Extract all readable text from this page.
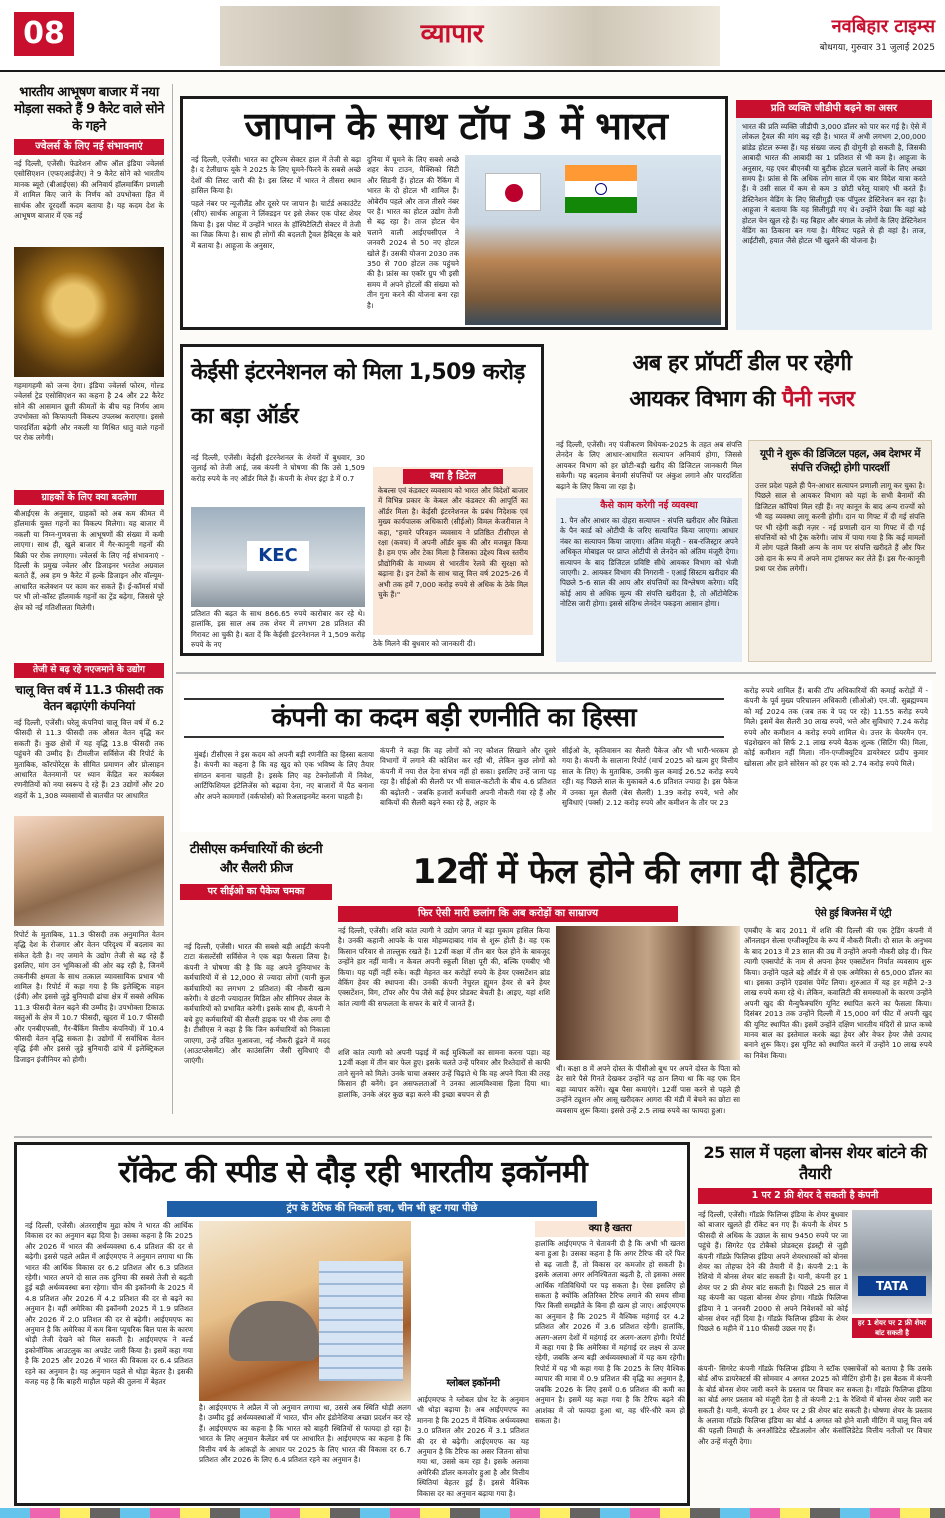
08	व्यापार	नवबिहार टाइम्स
बोधगया, गुरुवार 31 जुलाई 2025
भारतीय आभूषण बाजार में नया मोड़ला सकते हैं 9 कैरेट वाले सोने के गहने
ज्वेलर्स के लिए नई संभावनाएं
नई दिल्ली, एजेंसी। फेडरेशन ऑफ ऑल इंडिया ज्वेलर्स एसोसिएशन (एफएआईजेए) ने 9 कैरेट सोने को भारतीय मानक ब्यूरो (बीआईएस) की अनिवार्य हॉलमार्किंग प्रणाली में शामिल किए जाने के निर्णय को उपभोक्ता हित में सार्थक और दूरदर्शी कदम बताया है। यह कदम देश के आभूषण बाजार में एक नई
गहमागहमी को जन्म देगा। इंडिया ज्वेलर्स फोरम, गोल्ड ज्वेलर्स ट्रेड एसोसिएशन का कहना है 24 और 22 कैरेट सोने की आसमान छूती कीमतों के बीच यह निर्णय आम उपभोक्ता को किफायती विकल्प उपलब्ध कराएगा। इससे पारदर्शिता बढ़ेगी और नकली या मिश्रित धातु वाले गहनों पर रोक लगेगी।
ग्राहकों के लिए क्या बदलेगा
बीआईएस के अनुसार, ग्राहकों को अब कम कीमत में हॉलमार्क युक्त गहनों का विकल्प मिलेगा। यह बाजार में नकली या निम्न-गुणवत्ता के आभूषणों की संख्या में कमी लाएगा। साथ ही, खुले बाजार में गैर-कानूनी गहनों की बिक्री पर रोक लगाएगा। ज्वेलर्स के लिए नई संभावनाएं - दिल्ली के प्रमुख ज्वेलर और डिजाइनर भरतेश अग्रवाल बताते हैं, अब हम 9 कैरेट में हल्के डिजाइन और वॉल्यूम-आधारित कलेक्शन पर काम कर सकते हैं। ई-कॉमर्स मंचों पर भी लो-कॉस्ट हॉलमार्क गहनों का ट्रेंड बढ़ेगा, जिससे पूरे क्षेत्र को नई गतिशीलता मिलेगी।
तेजी से बढ़ रहे नएजमाने के उद्योग
चालू वित्त वर्ष में 11.3 फीसदी तक वेतन बढ़ाएंगी कंपनियां
नई दिल्ली, एजेंसी। घरेलू कंपनियां चालू वित्त वर्ष में 6.2 फीसदी से 11.3 फीसदी तक औसत वेतन वृद्धि कर सकती हैं। कुछ क्षेत्रों में यह वृद्धि 13.8 फीसदी तक पहुंचने की उम्मीद है। टीमलीज सर्विसेज की रिपोर्ट के मुताबिक, कॉरपोरेट्स के सीमित प्रमाणन और प्रोत्साहन आधारित वेतनमानों पर ध्यान केंद्रित कर कार्यबल रणनीतियों को नया स्वरूप दे रहे हैं। 23 उद्योगों और 20 शहरों के 1,308 व्यवसायों से बातचीत पर आधारित
रिपोर्ट के मुताबिक, 11.3 फीसदी तक अनुमानित वेतन वृद्धि देश के रोजगार और वेतन परिदृश्य में बदलाव का संकेत देती है। नए जमाने के उद्योग तेजी से बढ़ रहे हैं इसलिए, मांग उन भूमिकाओं की ओर बढ़ रही है, जिनमें तकनीकी क्षमता के साथ तत्काल व्यावसायिक प्रभाव भी शामिल है। रिपोर्ट में कहा गया है कि इलेक्ट्रिक वाहन (ईवी) और इससे जुड़े बुनियादी ढांचा क्षेत्र में सबसे अधिक 11.3 फीसदी वेतन बढ़ने की उम्मीद है। उपभोक्ता टिकाऊ वस्तुओं के क्षेत्र में 10.7 फीसदी, खुदरा में 10.7 फीसदी और एनबीएफसी, गैर-बैंकिंग वित्तीय कंपनियों) में 10.4 फीसदी वेतन वृद्धि सकता है। उद्योगों में सर्वाधिक वेतन वृद्धि ईवी और इससे जुड़े बुनियादी ढांचे में इलेक्ट्रिकल डिजाइन इंजीनियर को होगी।
जापान के साथ टॉप 3 में भारत
नई दिल्ली, एजेंसी। भारत का टूरिज्म सेक्टर हाल में तेजी से बढ़ा है। द टेलीग्राफ यूके ने 2025 के लिए घूमने-फिरने के सबसे अच्छे देशों की लिस्ट जारी की है। इस लिस्ट में भारत ने तीसरा स्थान हासिल किया है।
पहले नंबर पर न्यूजीलैंड और दूसरे पर जापान है। चार्टर्ड अकाउंटेंट (सीए) सार्थक आहूजा ने लिंक्डइन पर इसे लेकर एक पोस्ट शेयर किया है। इस पोस्ट में उन्होंने भारत के हॉस्पिटैलिटी सेक्टर में तेजी का जिक्र किया है। साथ ही लोगों की बदलती ट्रैवल हैबिट्स के बारे में बताया है। आहूजा के अनुसार,
दुनिया में घूमने के लिए सबसे अच्छे शहर केप टाउन, मैक्सिको सिटी और सिडनी हैं। होटल की रैंकिंग में भारत के दो होटल भी शामिल हैं। ओबेरॉय पहले और ताज तीसरे नंबर पर है। भारत का होटल उद्योग तेजी से बढ़ रहा है। ताज होटल चेन चलाने वाली आईएचसीएल ने जनवरी 2024 से 50 नए होटल खोले हैं। उसकी योजना 2030 तक 350 से 700 होटल तक पहुंचने की है। फ्रांस का एकॉर ग्रुप भी इसी समय में अपने होटलों की संख्या को तीन गुना करने की योजना बना रहा है।
प्रति व्यक्ति जीडीपी बढ़ने का असर
भारत की प्रति व्यक्ति जीडीपी 3,000 डॉलर को पार कर गई है। ऐसे में लोकल ट्रैवल की मांग बढ़ रही है। भारत में अभी लगभग 2,00,000 ब्रांडेड होटल रूम्स हैं। यह संख्या जल्द ही दोगुनी हो सकती है, जिसकी आबादी भारत की आबादी का 1 प्रतिशत से भी कम है। आहूजा के अनुसार, यह एयर बीएनबी या बुटीक होटल चलाने वालों के लिए अच्छा समय है। फ्रांस से कि अधिक लोग साल में एक बार विदेश यात्रा करते हैं। वे उसी साल में कम से कम 3 छोटी घरेलू यात्राएं भी करते हैं। डेस्टिनेशन वेडिंग के लिए सिलीगुड़ी एक पॉपुलर डेस्टिनेशन बन रहा है। आहूजा ने बताया कि यह सिलीगुड़ी गए थे। उन्होंने देखा कि वहां बड़े होटल चेन खुल रहे हैं। यह बिहार और बंगाल के लोगों के लिए डेस्टिनेशन वेडिंग का ठिकाना बन गया है। मैरियट पहले से ही वहां है। ताज, आईटीसी, हयात जैसे होटल भी खुलने की योजना है।
केईसी इंटरनेशनल को मिला 1,509 करोड़ का बड़ा ऑर्डर
नई दिल्ली, एजेंसी। केईसी इंटरनेशनल के शेयरों में बुधवार, 30 जुलाई को तेजी आई, जब कंपनी ने घोषणा की कि उसे 1,509 करोड़ रुपये के नए ऑर्डर मिले हैं। कंपनी के शेयर इंट्रा डे में 0.7
KEC
प्रतिशत की बढ़त के साथ 866.65 रुपये कारोबार कर रहे थे। हालांकि, इस साल अब तक शेयर में लगभग 28 प्रतिशत की गिरावट आ चुकी है। बता दें कि केईसी इंटरनेशनल ने 1,509 करोड़ रुपये के नए
क्या है डिटेल
केबल्स एवं कंडक्टर व्यवसाय को भारत और विदेशों बाजार में विभिन्न प्रकार के केबल और कंडक्टर की आपूर्ति का ऑर्डर मिला है। केईसी इंटरनेशनल के प्रबंध निदेशक एवं मुख्य कार्यपालक अधिकारी (सीईओ) विमल केजरीवाल ने कहा, "हमारे परिवहन व्यवसाय ने प्रतिष्ठित टीसीएल से रक्षा (कवच) में अपनी ऑर्डर बुक की और मजबूत किया है। हम एफ और टेका मिला है जिसका उद्देश्य विश्व स्तरीय प्रौद्योगिकी के माध्यम से भारतीय रेलवे की सुरक्षा को बढ़ाना है। इन टेकों के साथ चालू वित्त वर्ष 2025-26 में अभी तक हमें 7,000 करोड़ रुपये से अधिक के ठेके मिल चुके हैं।"
ठेके मिलने की बुधवार को जानकारी दी।
अब हर प्रॉपर्टी डील पर रहेगी
आयकर विभाग की पैनी नजर
नई दिल्ली, एजेंसी। नए पंजीकरण विधेयक-2025 के तहत अब संपत्ति लेनदेन के लिए आधार-आधारित सत्यापन अनिवार्य होगा, जिससे आयकर विभाग को हर छोटी-बड़ी खरीद की डिजिटल जानकारी मिल सकेगी। यह बदलाव बेनामी संपत्तियों पर अंकुश लगाने और पारदर्शिता बढ़ाने के लिए किया जा रहा है।
कैसे काम करेगी नई व्यवस्था
1. पैन और आधार का दोहरा सत्यापन - संपत्ति खरीदार और विक्रेता के पैन कार्ड को ओटीपी के जरिए सत्यापित किया जाएगा। आधार नंबर का सत्यापन किया जाएगा। अंतिम मंजूरी - सब-रजिस्ट्रार अपने अधिकृत मोबाइल पर प्राप्त ओटीपी से लेनदेन को अंतिम मंजूरी देगा। सत्यापन के बाद डिजिटल प्रविष्टि सीधे आयकर विभाग को भेजी जाएगी। 2. आयकर विभाग की निगरानी - एआई सिस्टम खरीदार की पिछले 5-6 साल की आय और संपत्तियों का विश्लेषण करेगा। यदि कोई आय से अधिक मूल्य की संपत्ति खरीदता है, तो ऑटोमेटिक नोटिस जारी होगा। इससे संदिग्ध लेनदेन पकड़ना आसान होगा।
यूपी ने शुरू की डिजिटल पहल, अब देशभर में संपत्ति रजिस्ट्री होगी पारदर्शी
उत्तर प्रदेश पहले ही पैन-आधार सत्यापन प्रणाली लागू कर चुका है। पिछले साल से आयकर विभाग को यहां के सभी बैनामों की डिजिटल कॉपियां मिल रही हैं। नए कानून के बाद अन्य राज्यों को भी यह व्यवस्था लागू करनी होगी। दान या गिफ्ट में दी गई संपत्ति पर भी रहेगी कड़ी नज़र - नई प्रणाली दान या गिफ्ट में दी गई संपत्तियों को भी ट्रैक करेगी। जांच में पाया गया है कि कई मामलों में लोग पहले किसी अन्य के नाम पर संपत्ति खरीदते हैं और फिर उसे दान के रूप में अपने नाम ट्रांसफर कर लेते हैं। इस गैर-कानूनी प्रथा पर रोक लगेगी।
कंपनी का कदम बड़ी रणनीति का हिस्सा
मुंबई। टीसीएस ने इस कदम को अपनी बड़ी रणनीति का हिस्सा बताया है। कंपनी का कहना है कि वह खुद को एक भविष्य के लिए तैयार संगठन बनाना चाहती है। इसके लिए वह टेक्नोलॉजी में निवेश, आर्टिफिशियल इंटेलिजेंस को बढ़ावा देना, नए बाजारों में पैठ बनाना और अपने कामगारों (वर्कफोर्स) को रिअलाइनमेंट करना चाहती है।
कंपनी ने कहा कि वह लोगों को नए कौशल सिखाने और दूसरे विभागों में लगाने की कोशिश कर रही थी, लेकिन कुछ लोगों को कंपनी में नया रोल देना संभव नहीं हो सका। इसलिए उन्हें जाना पड़ रहा है। सीईओ की सैलरी पर भी सवाल-कटौती के बीच 4.6 प्रतिशत की बढ़ोतरी - जबकि हजारों कर्मचारी अपनी नौकरी गंवा रहे हैं और बाकियों की सैलरी बढ़ने रुका रहे हैं, अहार के
सीईओ के, कृतिवासन का सैलरी पैकेज और भी भारी-भरकम हो गया है। कंपनी के सालाना रिपोर्ट (मार्च 2025 को खत्म हुए वित्तीय साल के लिए) के मुताबिक, उनकी कुल कमाई 26.52 करोड़ रुपये रही। यह पिछले साल के मुकाबले 4.6 प्रतिशत ज्यादा है। इस पैकेज में उनका मूल सैलरी (बेस सैलरी) 1.39 करोड़ रुपये, भत्ते और सुविधाएं (पर्क्स) 2.12 करोड़ रुपये और कमीशन के तौर पर 23
करोड़ रुपये शामिल हैं। बाकी टॉप अधिकारियों की कमाई करोड़ों में - कंपनी के पूर्व मुख्य परिचालन अधिकारी (सीओओ) एन.जी. सुब्रह्मण्यम को मई 2024 तक (जब तक वे पद पर रहे) 11.55 करोड़ रुपये मिले। इसमें बेस सैलरी 30 लाख रुपये, भत्ते और सुविधाएं 7.24 करोड़ रुपये और कमीशन 4 करोड़ रुपये शामिल थे। उत्तर के चेयरमैन एन. चंद्रशेखरन को सिर्फ 2.1 लाख रुपये बैठक शुल्क (सिटिंग फी) मिला, कोई कमीशन नहीं मिला। नॉन-एग्जीक्यूटिव डायरेक्टर प्रदीप कुमार खोसला और हाने सोरेसन को हर एक को 2.74 करोड़ रुपये मिले।
टीसीएस कर्मचारियों की छंटनी और सैलरी फ्रीज
पर सीईओ का पैकेज चमका
नई दिल्ली, एजेंसी। भारत की सबसे बड़ी आईटी कंपनी टाटा कंसल्टेंसी सर्विसेज ने एक बड़ा फैसला लिया है। कंपनी ने घोषणा की है कि वह अपने दुनियाभर के कर्मचारियों में से 12,000 से ज्यादा लोगों (यानी कुल कर्मचारियों का लगभग 2 प्रतिशत) की नौकरी खत्म करेगी। ये छंटनी ज्यादातर मिडिल और सीनियर लेवल के कर्मचारियों को प्रभावित करेगी। इसके साथ ही, कंपनी ने बचे हुए कर्मचारियों की सैलरी हाइक पर भी रोक लगा दी है। टीसीएस ने कहा है कि जिन कर्मचारियों को निकाला जाएगा, उन्हें उचित मुआवजा, नई नौकरी ढूंढने में मदद (आउटप्लेसमेंट) और काउंसलिंग जैसी सुविधाएं दी जाएंगी।
12वीं में फेल होने की लगा दी हैट्रिक
फिर ऐसी मारी छलांग कि अब करोड़ों का साम्राज्य	ऐसे हुई बिजनेस में एंट्री
नई दिल्ली, एजेंसी। शशि कांत त्यागी ने उद्योग जगत में बड़ा मुकाम हासिल किया है। उनकी कहानी आपके के पास मोहम्मदाबाद गांव से शुरू होती है। वह एक किसान परिवार से ताल्लुक रखते हैं। 12वीं कक्षा में तीन बार फेल होने के बावजूद उन्होंने हार नहीं मानी। न केवल अपनी स्कूली शिक्षा पूरी की, बल्कि एमबीए भी किया। यह यहीं नहीं रुके। कड़ी मेहनत कर करोड़ों रुपये के हेयर एक्सटेंशन ब्रांड वेकिंग हेयर की स्थापना की। उनकी कंपनी नेचुरल ह्यूमन हेयर से बने हेयर एक्सटेंशन, विग, टॉपर और पैच जैसे कई हेयर प्रोडक्ट बेचती है। आइए, यहां शशि कांत त्यागी की सफलता के सफर के बारे में जानते हैं।
शशि कांत त्यागी को अपनी पढ़ाई में कई मुश्किलों का सामना करना पड़ा। वह 12वीं कक्षा में तीन बार फेल हुए। इसके चलते उन्हें परिवार और रिश्तेदारों से काफी ताने सुनने को मिले। उनके चाचा अक्सर उन्हें चिढ़ाते थे कि वह अपने पिता की तरह किसान ही बनेंगे। इन असफलताओं ने उनका आत्मविश्वास हिला दिया था। हालांकि, उनके अंदर कुछ बड़ा करने की इच्छा बचपन से ही
थी। कक्षा 8 में अपने दोस्त के पीसीओ बूथ पर अपने दोस्त के पिता को ढेर सारे पैसे गिनते देखकर उन्होंने यह ठान लिया था कि वह एक दिन बड़ा व्यापार करेंगे। खूब पैसा कमाएंगे। 12वीं पास करने से पहले ही उन्होंने ट्यूशन और आसू खरीदकर आगरा की मंडी में बेचने का छोटा सा व्यवसाय शुरू किया। इससे उन्हें 2.5 लाख रुपये का फायदा हुआ।
एमबीए के बाद 2011 में शशि की दिल्ली की एक ट्रेडिंग कंपनी में ऑनलाइन सेल्स एग्जीक्यूटिव के रूप में नौकरी मिली। दो साल के अनुभव के बाद 2013 में 23 साल की उम्र में उन्होंने अपनी नौकरी छोड़ दी। फिर त्यागी एक्सपोर्ट के नाम से अपना हेयर एक्सटेंशन निर्यात व्यवसाय शुरू किया। उन्होंने पहले बड़े ऑर्डर में से एक अमेरिका से 65,000 डॉलर का था। इसका उन्होंने एडवांस पेमेंट लिया। शुरुआत में यह हर महीने 2-3 लाख रुपये कमा रहे थे। लेकिन, कवालिटी की समस्याओं के कारण उन्होंने अपनी खुद की मैन्युफैक्चरिंग यूनिट स्थापित करने का फैसला किया। दिसंबर 2013 तक उन्होंने दिल्ली में 15,000 वर्ग फीट में अपनी खुद की यूनिट स्थापित की। इसमें उन्होंने दक्षिण भारतीय मंदिरों से प्राप्त कच्चे मानव बाल का इस्तेमाल करके बढ़ा हेयर और वेफर हेयर जैसे उत्पाद बनाने शुरू किए। इस यूनिट को स्थापित करने में उन्होंने 10 लाख रुपये का निवेश किया।
रॉकेट की स्पीड से दौड़ रही भारतीय इकॉनमी
ट्रंप के टैरिफ की निकली हवा, चीन भी छूट गया पीछे
नई दिल्ली, एजेंसी। अंतरराष्ट्रीय मुद्रा कोष ने भारत की आर्थिक विकास दर का अनुमान बढ़ा दिया है। उसका कहना है कि 2025 और 2026 में भारत की अर्थव्यवस्था 6.4 प्रतिशत की दर से बढ़ेगी। इससे पहले अप्रैल में आईएमएफ ने अनुमान लगाया था कि भारत की आर्थिक विकास दर 6.2 प्रतिशत और 6.3 प्रतिशत रहेगी। भारत अपने दो साल तक दुनिया की सबसे तेजी से बढ़ती हुई बड़ी अर्थव्यवस्था बना रहेगा। चीन की इकॉनमी के 2025 में 4.8 प्रतिशत और 2026 में 4.2 प्रतिशत की दर से बढ़ने का अनुमान है। वहीं अमेरिका की इकॉनमी 2025 में 1.9 प्रतिशत और 2026 में 2.0 प्रतिशत की दर से बढ़ेगी। आईएमएफ का अनुमान है कि अमेरिका में कम बिना प्यूचरिक बिल पास के कारण थोड़ी तेजी देखने को मिल सकती है। आईएमएफ ने वर्ल्ड इकोनॉमिक आउटलुक का अपडेट जारी किया है। इसमें कहा गया है कि 2025 और 2026 में भारत की विकास दर 6.4 प्रतिशत रहने का अनुमान है। यह अनुमान पहले से थोड़ा बेहतर है। इसकी वजह यह है कि बाहरी माहौल पहले की तुलना में बेहतर
है। आईएमएफ ने अप्रैल में जो अनुमान लगाया था, उससे अब स्थिति थोड़ी अलग है। उम्मीद हुई अर्थव्यवस्थाओं में भारत, चीन और इंडोनेशिया अच्छा प्रदर्शन कर रहे हैं। आईएमएफ का कहना है कि भारत को बाहरी स्थितियों से फायदा हो रहा है। भारत के लिए अनुमान कैलेंडर वर्ष पर आधारित है। आईएमएफ का कहना है कि वित्तीय वर्ष के आंकड़ों के आधार पर 2025 के लिए भारत की विकास दर 6.7 प्रतिशत और 2026 के लिए 6.4 प्रतिशत रहने का अनुमान है।
ग्लोबल इकॉनमी
आईएमएफ ने ग्लोबल ग्रोथ रेट के अनुमान भी थोड़ा बढ़ाया है। अब आईएमएफ का मानना है कि 2025 में वैश्विक अर्थव्यवस्था 3.0 प्रतिशत और 2026 में 3.1 प्रतिशत की दर से बढ़ेगी। आईएमएफ का यह अनुमान है कि टैरिफ का असर जितना सोचा गया था, उससे कम रहा है। इसके अलावा अमेरिकी डॉलर कमजोर हुआ है और वित्तीय स्थितियां बेहतर हुई हैं। इससे वैश्विक विकास दर का अनुमान बढ़ाया गया है।
क्या है खतरा
हालांकि आईएमएफ ने चेतावनी दी है कि अभी भी खतरा बना हुआ है। उसका कहना है कि अगर टैरिफ की दरें फिर से बढ़ जाती हैं, तो विकास दर कमजोर हो सकती है। इसके अलावा अगर अनिश्चितता बढ़ती है, तो इसका असर आर्थिक गतिविधियों पर पड़ सकता है। ऐसा इसलिए हो सकता है क्योंकि अतिरिक्त टैरिफ लगाने की समय सीमा फिर किसी समझौते के बिना ही खत्म हो जाए। आईएमएफ का अनुमान है कि 2025 में वैश्विक महंगाई दर 4.2 प्रतिशत और 2026 में 3.6 प्रतिशत रहेगी। हालांकि, अलग-अलग देशों में महंगाई दर अलग-अलग होगी। रिपोर्ट में कहा गया है कि अमेरिका में महंगाई दर लक्ष्य से ऊपर रहेगी, जबकि अन्य बड़ी अर्थव्यवस्थाओं में यह कम रहेगी। रिपोर्ट में यह भी कहा गया है कि 2025 के लिए वैश्विक व्यापार की मात्रा में 0.9 प्रतिशत की वृद्धि का अनुमान है, जबकि 2026 के लिए इसमें 0.6 प्रतिशत की कमी का अनुमान है। इसमें यह कहा गया है कि टैरिफ बढ़ने की आशंका में जो फायदा हुआ था, वह धीरे-धीरे कम हो सकता है।
25 साल में पहला बोनस शेयर बांटने की तैयारी
1 पर 2 फ्री शेयर दे सकती है कंपनी
नई दिल्ली, एजेंसी। गॉडफ्रे फिलिप्स इंडिया के शेयर बुधवार को बाजार खुलते ही रॉकेट बन गए हैं। कंपनी के शेयर 5 फीसदी से अधिक के उछाल के साथ 9450 रुपये पर जा पहुंचे हैं। सिगरेट एंड टोबैको प्रोडक्ट्स इंडस्ट्री से जुड़ी कंपनी गॉडफ्रे फिलिप्स इंडिया अपने शेयरधारकों को बोनस शेयर का तोहफा देने की तैयारी में है। कंपनी 2:1 के रेशियो में बोनस शेयर बांट सकती है। यानी, कंपनी हर 1 शेयर पर 2 फ्री शेयर बांट सकती है। पिछले 25 साल में यह कंपनी का पहला बोनस शेयर होगा। गॉडफ्रे फिलिप्स इंडिया ने 1 जनवरी 2000 से अपने निवेशकों को कोई बोनस शेयर नहीं दिया है। गॉडफ्रे फिलिप्स इंडिया के शेयर पिछले 6 महीने में 110 फीसदी उछल गए हैं।
TATA
हर 1 शेयर पर 2 फ्री शेयर बांट सकती है
कंपनी- सिगरेट कंपनी गॉडफ्रे फिलिप्स इंडिया ने स्टॉक एक्सचेंजों को बताया है कि उसके बोर्ड ऑफ डायरेक्टर्स की सोमवार 4 अगस्त 2025 को मीटिंग होनी है। इस बैठक में कंपनी के बोर्ड बोनस शेयर जारी करने के प्रस्ताव पर विचार कर सकता है। गॉडफ्रे फिलिप्स इंडिया का बोर्ड अगर प्रस्ताव को मंजूरी देता है तो कंपनी 2:1 के रेशियो में बोनस शेयर जारी कर सकती है। यानी, कंपनी हर 1 शेयर पर 2 फ्री शेयर बांट सकती है। घोषणा शेयर के प्रस्ताव के अलावा गॉडफ्रे फिलिप्स इंडिया का बोर्ड 4 अगस्त को होने वाली मीटिंग में चालू वित्त वर्ष की पहली तिमाही के अनऑडिटेड स्टैंडअलोन और कंसॉलिडेटेड वित्तीय नतीजों पर विचार और उन्हें मंजूरी देगा।
